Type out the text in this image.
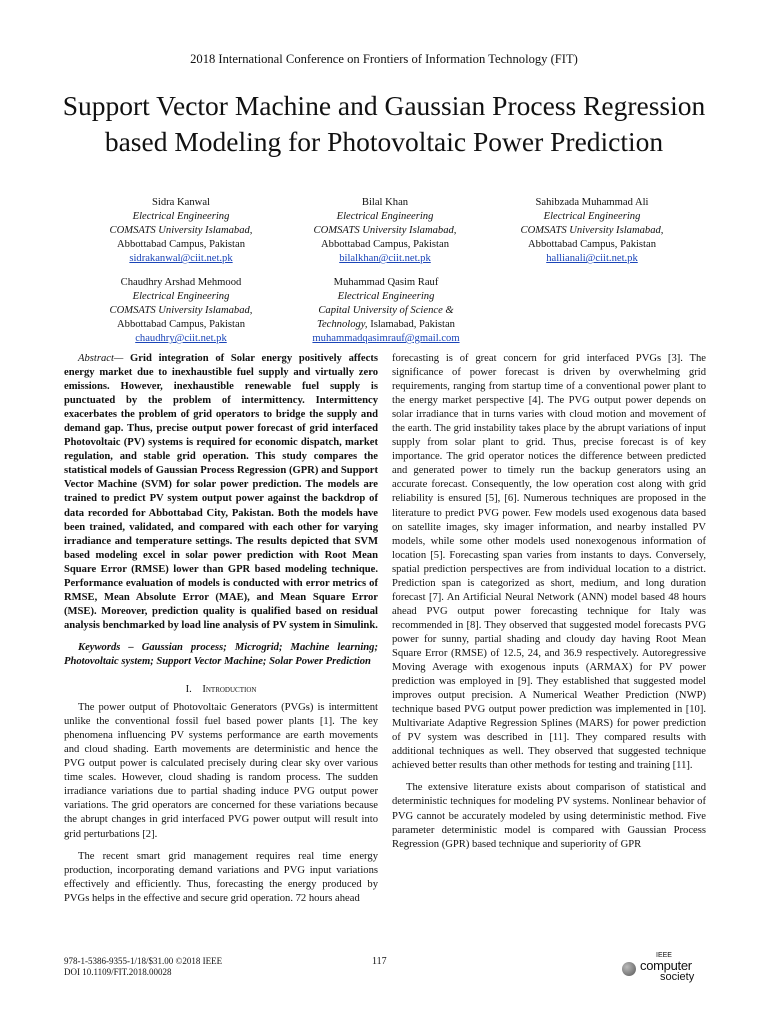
2018 International Conference on Frontiers of Information Technology (FIT)
Support Vector Machine and Gaussian Process Regression based Modeling for Photovoltaic Power Prediction
Sidra Kanwal
Electrical Engineering
COMSATS University Islamabad,
Abbottabad Campus, Pakistan
sidrakanwal@ciit.net.pk
Bilal Khan
Electrical Engineering
COMSATS University Islamabad,
Abbottabad Campus, Pakistan
bilalkhan@ciit.net.pk
Sahibzada Muhammad Ali
Electrical Engineering
COMSATS University Islamabad,
Abbottabad Campus, Pakistan
hallianali@ciit.net.pk
Chaudhry Arshad Mehmood
Electrical Engineering
COMSATS University Islamabad,
Abbottabad Campus, Pakistan
chaudhry@ciit.net.pk
Muhammad Qasim Rauf
Electrical Engineering
Capital University of Science &
Technology, Islamabad, Pakistan
muhammadqasimrauf@gmail.com

Abstract— Grid integration of Solar energy positively affects energy market due to inexhaustible fuel supply and virtually zero emissions. However, inexhaustible renewable fuel supply is punctuated by the problem of intermittency. Intermittency exacerbates the problem of grid operators to bridge the supply and demand gap. Thus, precise output power forecast of grid interfaced Photovoltaic (PV) systems is required for economic dispatch, market regulation, and stable grid operation. This study compares the statistical models of Gaussian Process Regression (GPR) and Support Vector Machine (SVM) for solar power prediction. The models are trained to predict PV system output power against the backdrop of data recorded for Abbottabad City, Pakistan. Both the models have been trained, validated, and compared with each other for varying irradiance and temperature settings. The results depicted that SVM based modeling excel in solar power prediction with Root Mean Square Error (RMSE) lower than GPR based modeling technique. Performance evaluation of models is conducted with error metrics of RMSE, Mean Absolute Error (MAE), and Mean Square Error (MSE). Moreover, prediction quality is qualified based on residual analysis benchmarked by load line analysis of PV system in Simulink.

Keywords – Gaussian process; Microgrid; Machine learning; Photovoltaic system; Support Vector Machine; Solar Power Prediction

I. Introduction

The power output of Photovoltaic Generators (PVGs) is intermittent unlike the conventional fossil fuel based power plants [1]. The key phenomena influencing PV systems performance are earth movements and cloud shading. Earth movements are deterministic and hence the PVG output power is calculated precisely during clear sky over various time scales. However, cloud shading is random process. The sudden irradiance variations due to partial shading induce PVG output power variations. The grid operators are concerned for these variations because the abrupt changes in grid interfaced PVG power output will result into grid perturbations [2].

The recent smart grid management requires real time energy production, incorporating demand variations and PVG input variations effectively and efficiently. Thus, forecasting the energy produced by PVGs helps in the effective and secure grid operation. 72 hours ahead

forecasting is of great concern for grid interfaced PVGs [3]. The significance of power forecast is driven by overwhelming grid requirements, ranging from startup time of a conventional power plant to the energy market perspective [4]. The PVG output power depends on solar irradiance that in turns varies with cloud motion and movement of the earth. The grid instability takes place by the abrupt variations of input supply from solar plant to grid. Thus, precise forecast is of key importance. The grid operator notices the difference between predicted and generated power to timely run the backup generators using an accurate forecast. Consequently, the low operation cost along with grid reliability is ensured [5], [6]. Numerous techniques are proposed in the literature to predict PVG power. Few models used exogenous data based on satellite images, sky imager information, and nearby installed PV models, while some other models used nonexogenous information of location [5]. Forecasting span varies from instants to days. Conversely, spatial prediction perspectives are from individual location to a district. Prediction span is categorized as short, medium, and long duration forecast [7]. An Artificial Neural Network (ANN) model based 48 hours ahead PVG output power forecasting technique for Italy was recommended in [8]. They observed that suggested model forecasts PVG power for sunny, partial shading and cloudy day having Root Mean Square Error (RMSE) of 12.5, 24, and 36.9 respectively. Autoregressive Moving Average with exogenous inputs (ARMAX) for PV power prediction was employed in [9]. They established that suggested model improves output precision. A Numerical Weather Prediction (NWP) technique based PVG output power prediction was implemented in [10]. Multivariate Adaptive Regression Splines (MARS) for power prediction of PV system was described in [11]. They compared results with additional techniques as well. They observed that suggested technique achieved better results than other methods for testing and training [11].

The extensive literature exists about comparison of statistical and deterministic techniques for modeling PV systems. Nonlinear behavior of PVG cannot be accurately modeled by using deterministic method. Five parameter deterministic model is compared with Gaussian Process Regression (GPR) based technique and superiority of GPR

978-1-5386-9355-1/18/$31.00 ©2018 IEEE
DOI 10.1109/FIT.2018.00028
117
IEEE
computer
society
